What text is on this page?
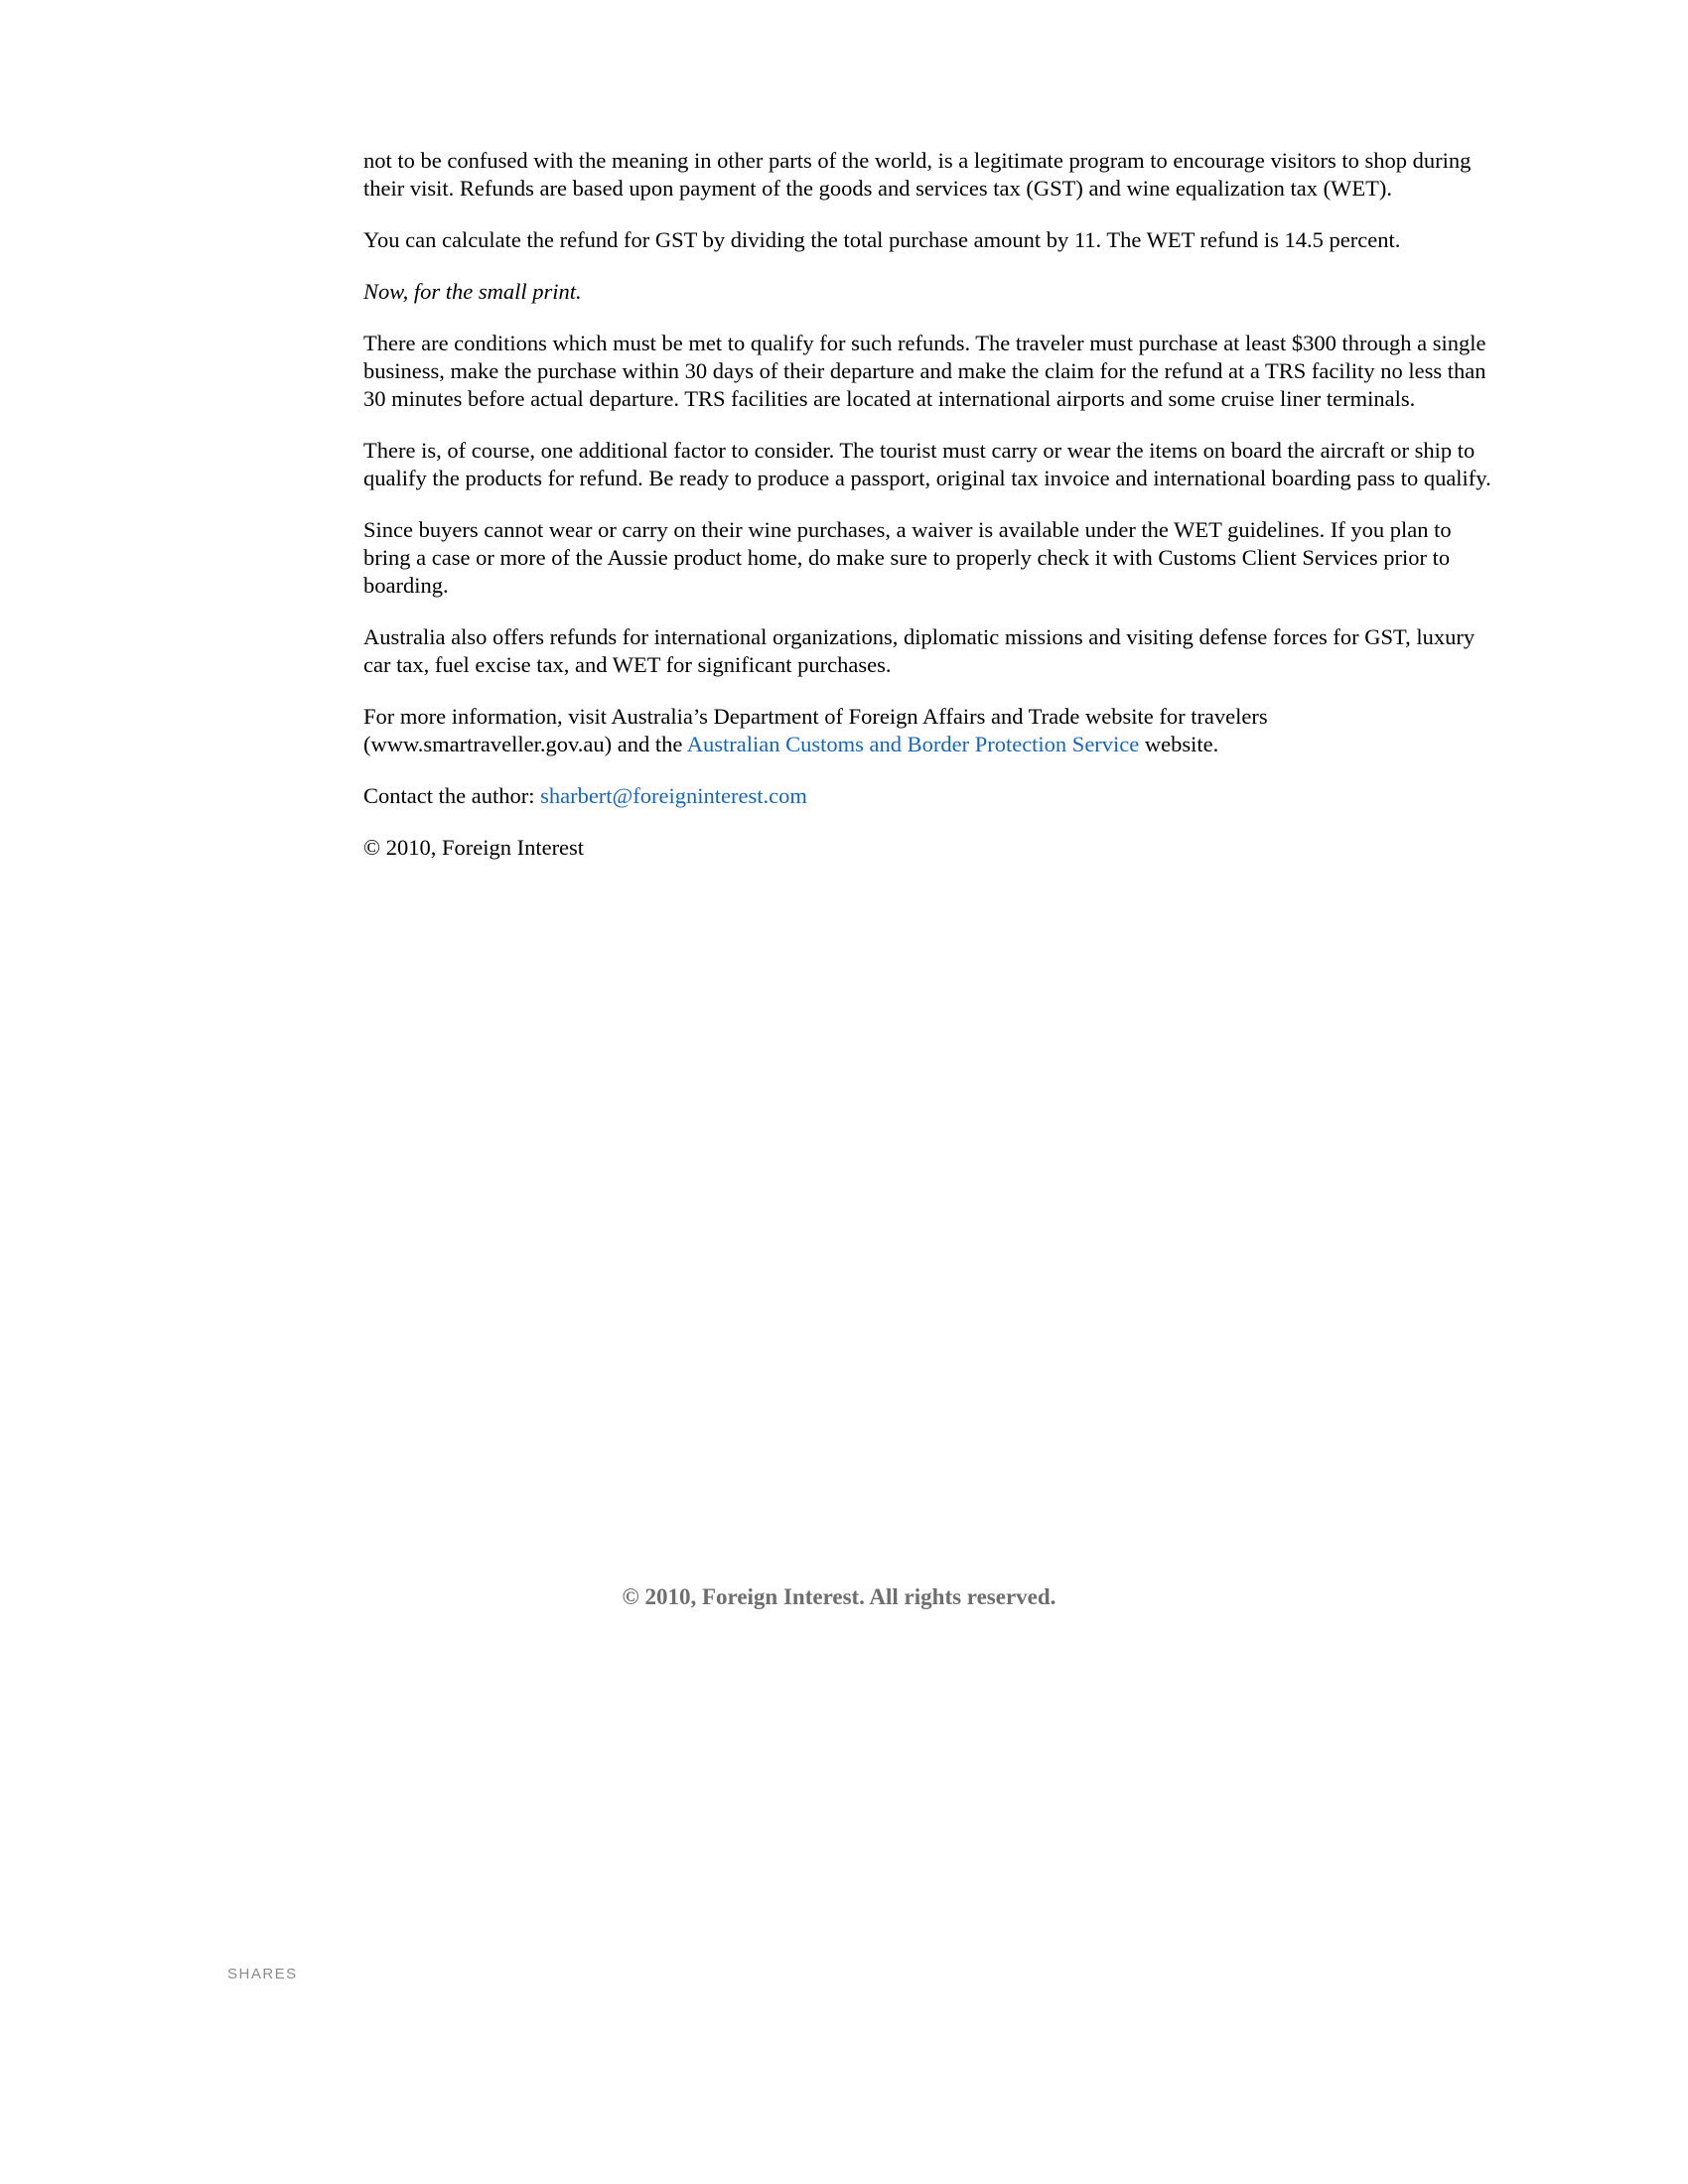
not to be confused with the meaning in other parts of the world, is a legitimate program to encourage visitors to shop during their visit. Refunds are based upon payment of the goods and services tax (GST) and wine equalization tax (WET).

You can calculate the refund for GST by dividing the total purchase amount by 11. The WET refund is 14.5 percent.

Now, for the small print.

There are conditions which must be met to qualify for such refunds. The traveler must purchase at least $300 through a single business, make the purchase within 30 days of their departure and make the claim for the refund at a TRS facility no less than 30 minutes before actual departure. TRS facilities are located at international airports and some cruise liner terminals.

There is, of course, one additional factor to consider. The tourist must carry or wear the items on board the aircraft or ship to qualify the products for refund. Be ready to produce a passport, original tax invoice and international boarding pass to qualify.

Since buyers cannot wear or carry on their wine purchases, a waiver is available under the WET guidelines. If you plan to bring a case or more of the Aussie product home, do make sure to properly check it with Customs Client Services prior to boarding.

Australia also offers refunds for international organizations, diplomatic missions and visiting defense forces for GST, luxury car tax, fuel excise tax, and WET for significant purchases.

For more information, visit Australia’s Department of Foreign Affairs and Trade website for travelers (www.smartraveller.gov.au) and the Australian Customs and Border Protection Service website.

Contact the author: sharbert@foreigninterest.com

© 2010, Foreign Interest

© 2010, Foreign Interest. All rights reserved.
SHARES
